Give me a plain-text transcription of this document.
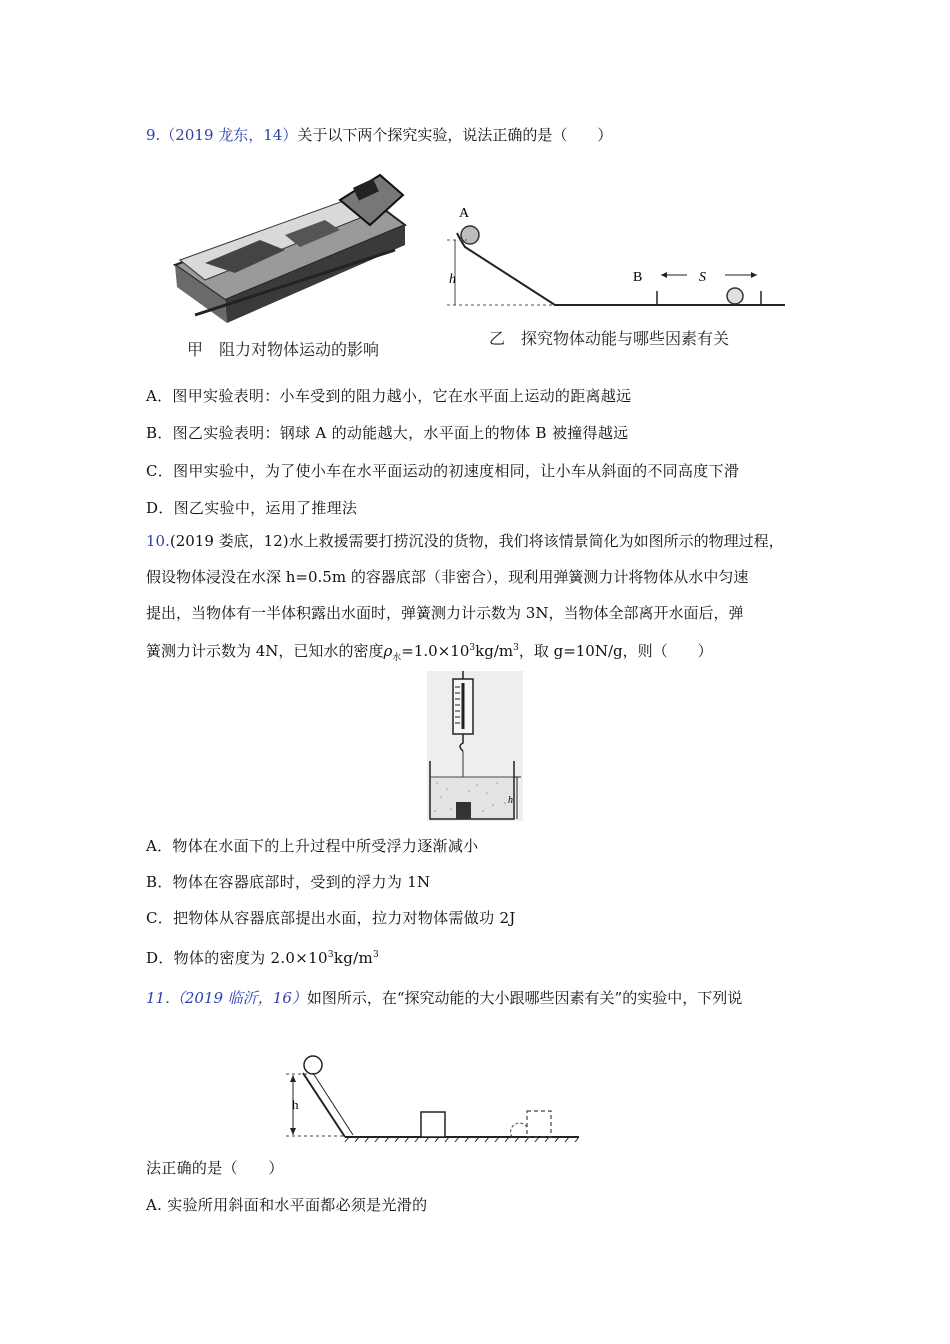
9.（2019 龙东，14）关于以下两个探究实验，说法正确的是（　　）
甲　阻力对物体运动的影响
A
h	B	S
乙　探究物体动能与哪些因素有关
A．图甲实验表明：小车受到的阻力越小，它在水平面上运动的距离越远
B．图乙实验表明：钢球 A 的动能越大，水平面上的物体 B 被撞得越远
C．图甲实验中，为了使小车在水平面运动的初速度相同，让小车从斜面的不同高度下滑
D．图乙实验中，运用了推理法
10.(2019 娄底，12)水上救援需要打捞沉没的货物，我们将该情景简化为如图所示的物理过程，
假设物体浸没在水深 h=0.5m 的容器底部（非密合），现利用弹簧测力计将物体从水中匀速
提出，当物体有一半体积露出水面时，弹簧测力计示数为 3N，当物体全部离开水面后，弹
簧测力计示数为 4N，已知水的密度$\rho_水=1.0\times 10^3kg/m^3$，取 g=10N/g，则（　　）
h
A．物体在水面下的上升过程中所受浮力逐渐减小
B．物体在容器底部时，受到的浮力为 1N
C．把物体从容器底部提出水面，拉力对物体需做功 2J
D．物体的密度为 $2.0\times 10^3kg/m^3$
11.（2019 临沂，16）如图所示，在“探究动能的大小跟哪些因素有关”的实验中，下列说
h
法正确的是（　　）
A. 实验所用斜面和水平面都必须是光滑的
